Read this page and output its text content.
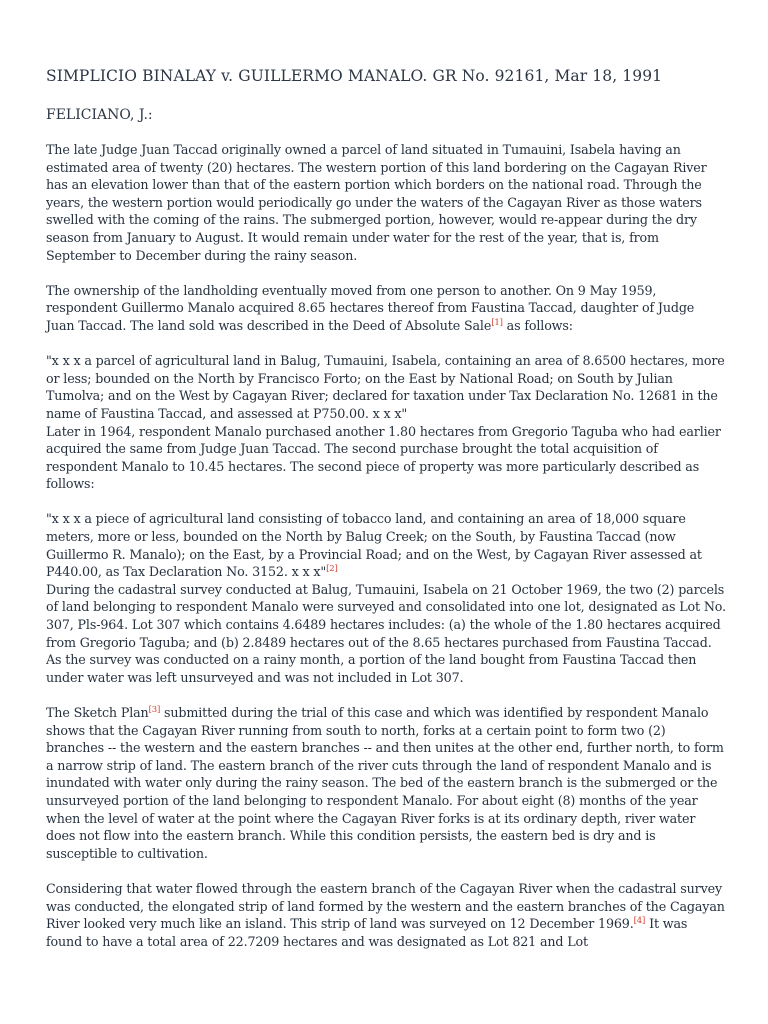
SIMPLICIO BINALAY v. GUILLERMO MANALO. GR No. 92161, Mar 18, 1991
FELICIANO, J.:

The late Judge Juan Taccad originally owned a parcel of land situated in Tumauini, Isabela having an estimated area of twenty (20) hectares. The western portion of this land bordering on the Cagayan River has an elevation lower than that of the eastern portion which borders on the national road. Through the years, the western portion would periodically go under the waters of the Cagayan River as those waters swelled with the coming of the rains. The submerged portion, however, would re-appear during the dry season from January to August. It would remain under water for the rest of the year, that is, from September to December during the rainy season.

The ownership of the landholding eventually moved from one person to another. On 9 May 1959, respondent Guillermo Manalo acquired 8.65 hectares thereof from Faustina Taccad, daughter of Judge Juan Taccad. The land sold was described in the Deed of Absolute Sale[1] as follows:

"x x x a parcel of agricultural land in Balug, Tumauini, Isabela, containing an area of 8.6500 hectares, more or less; bounded on the North by Francisco Forto; on the East by National Road; on South by Julian Tumolva; and on the West by Cagayan River; declared for taxation under Tax Declaration No. 12681 in the name of Faustina Taccad, and assessed at P750.00. x x x"

Later in 1964, respondent Manalo purchased another 1.80 hectares from Gregorio Taguba who had earlier acquired the same from Judge Juan Taccad. The second purchase brought the total acquisition of respondent Manalo to 10.45 hectares. The second piece of property was more particularly described as follows:

"x x x a piece of agricultural land consisting of tobacco land, and containing an area of 18,000 square meters, more or less, bounded on the North by Balug Creek; on the South, by Faustina Taccad (now Guillermo R. Manalo); on the East, by a Provincial Road; and on the West, by Cagayan River assessed at P440.00, as Tax Declaration No. 3152. x x x"[2]

During the cadastral survey conducted at Balug, Tumauini, Isabela on 21 October 1969, the two (2) parcels of land belonging to respondent Manalo were surveyed and consolidated into one lot, designated as Lot No. 307, Pls-964. Lot 307 which contains 4.6489 hectares includes: (a) the whole of the 1.80 hectares acquired from Gregorio Taguba; and (b) 2.8489 hectares out of the 8.65 hectares purchased from Faustina Taccad. As the survey was conducted on a rainy month, a portion of the land bought from Faustina Taccad then under water was left unsurveyed and was not included in Lot 307.

The Sketch Plan[3] submitted during the trial of this case and which was identified by respondent Manalo shows that the Cagayan River running from south to north, forks at a certain point to form two (2) branches -- the western and the eastern branches -- and then unites at the other end, further north, to form a narrow strip of land. The eastern branch of the river cuts through the land of respondent Manalo and is inundated with water only during the rainy season. The bed of the eastern branch is the submerged or the unsurveyed portion of the land belonging to respondent Manalo. For about eight (8) months of the year when the level of water at the point where the Cagayan River forks is at its ordinary depth, river water does not flow into the eastern branch. While this condition persists, the eastern bed is dry and is susceptible to cultivation.

Considering that water flowed through the eastern branch of the Cagayan River when the cadastral survey was conducted, the elongated strip of land formed by the western and the eastern branches of the Cagayan River looked very much like an island. This strip of land was surveyed on 12 December 1969.[4] It was found to have a total area of 22.7209 hectares and was designated as Lot 821 and Lot
